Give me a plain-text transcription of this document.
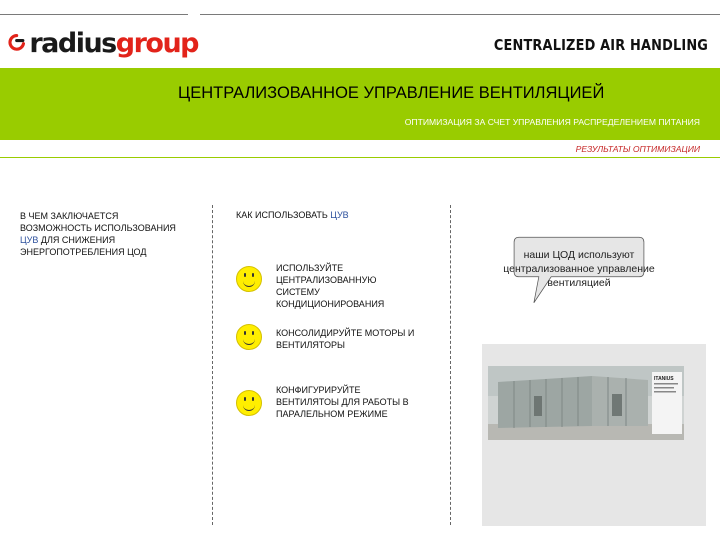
radiusgroup	CENTRALIZED AIR HANDLING
ЦЕНТРАЛИЗОВАННОЕ УПРАВЛЕНИЕ ВЕНТИЛЯЦИЕЙ
ОПТИМИЗАЦИЯ ЗА СЧЕТ УПРАВЛЕНИЯ РАСПРЕДЕЛЕНИЕМ ПИТАНИЯ
РЕЗУЛЬТАТЫ ОПТИМИЗАЦИИ
В ЧЕМ ЗАКЛЮЧАЕТСЯ ВОЗМОЖНОСТЬ ИСПОЛЬЗОВАНИЯ ЦУВ ДЛЯ СНИЖЕНИЯ ЭНЕРГОПОТРЕБЛЕНИЯ ЦОД
КАК ИСПОЛЬЗОВАТЬ ЦУВ
ИСПОЛЬЗУЙТЕ ЦЕНТРАЛИЗОВАННУЮ СИСТЕМУ КОНДИЦИОНИРОВАНИЯ
КОНСОЛИДИРУЙТЕ МОТОРЫ И ВЕНТИЛЯТОРЫ
КОНФИГУРИРУЙТЕ ВЕНТИЛЯТОЫ ДЛЯ РАБОТЫ В ПАРАЛЕЛЬНОМ РЕЖИМЕ
наши ЦОД используют централизованное управление вентиляцией
ITANIUS
